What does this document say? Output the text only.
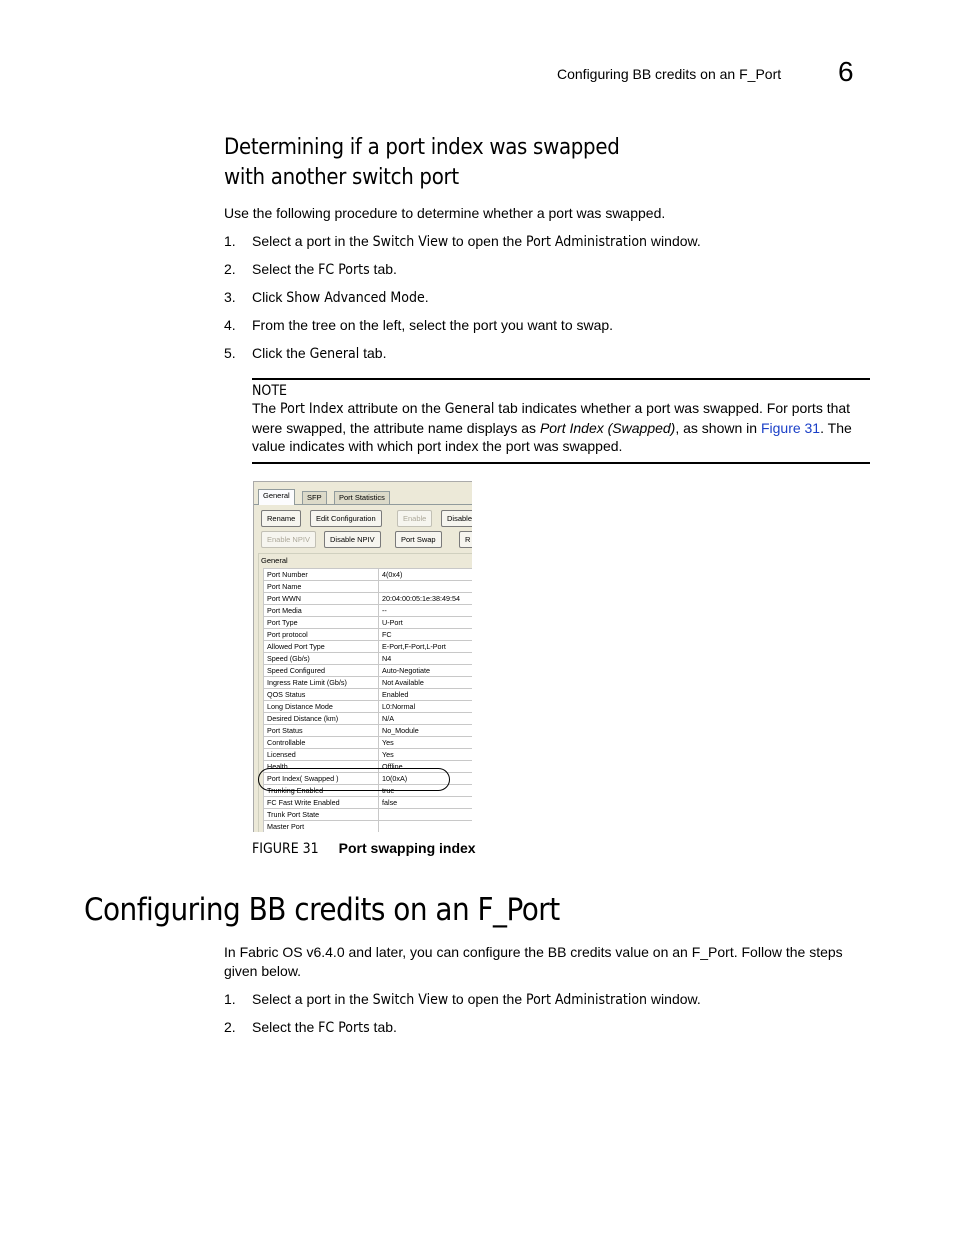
Configuring BB credits on an F_Port 6
Determining if a port index was swapped
with another switch port
Use the following procedure to determine whether a port was swapped.
1. Select a port in the Switch View to open the Port Administration window.
2. Select the FC Ports tab.
3. Click Show Advanced Mode.
4. From the tree on the left, select the port you want to swap.
5. Click the General tab.
NOTE
The Port Index attribute on the General tab indicates whether a port was swapped. For ports that were swapped, the attribute name displays as Port Index (Swapped), as shown in Figure 31. The value indicates with which port index the port was swapped.
General	SFP	Port Statistics
Rename	Edit Configuration	Enable	Disable
Enable NPIV	Disable NPIV	Port Swap	R
General
Port Number	4(0x4)
Port Name	
Port WWN	20:04:00:05:1e:38:49:54
Port Media	--
Port Type	U-Port
Port protocol	FC
Allowed Port Type	E-Port,F-Port,L-Port
Speed (Gb/s)	N4
Speed Configured	Auto-Negotiate
Ingress Rate Limit (Gb/s)	Not Available
QOS Status	Enabled
Long Distance Mode	L0:Normal
Desired Distance (km)	N/A
Port Status	No_Module
Controllable	Yes
Licensed	Yes
Health	Offline
Port Index( Swapped )	10(0xA)
Trunking Enabled	true
FC Fast Write Enabled	false
Trunk Port State	
Master Port	
FIGURE 31 Port swapping index
Configuring BB credits on an F_Port
In Fabric OS v6.4.0 and later, you can configure the BB credits value on an F_Port. Follow the steps given below.
1. Select a port in the Switch View to open the Port Administration window.
2. Select the FC Ports tab.
